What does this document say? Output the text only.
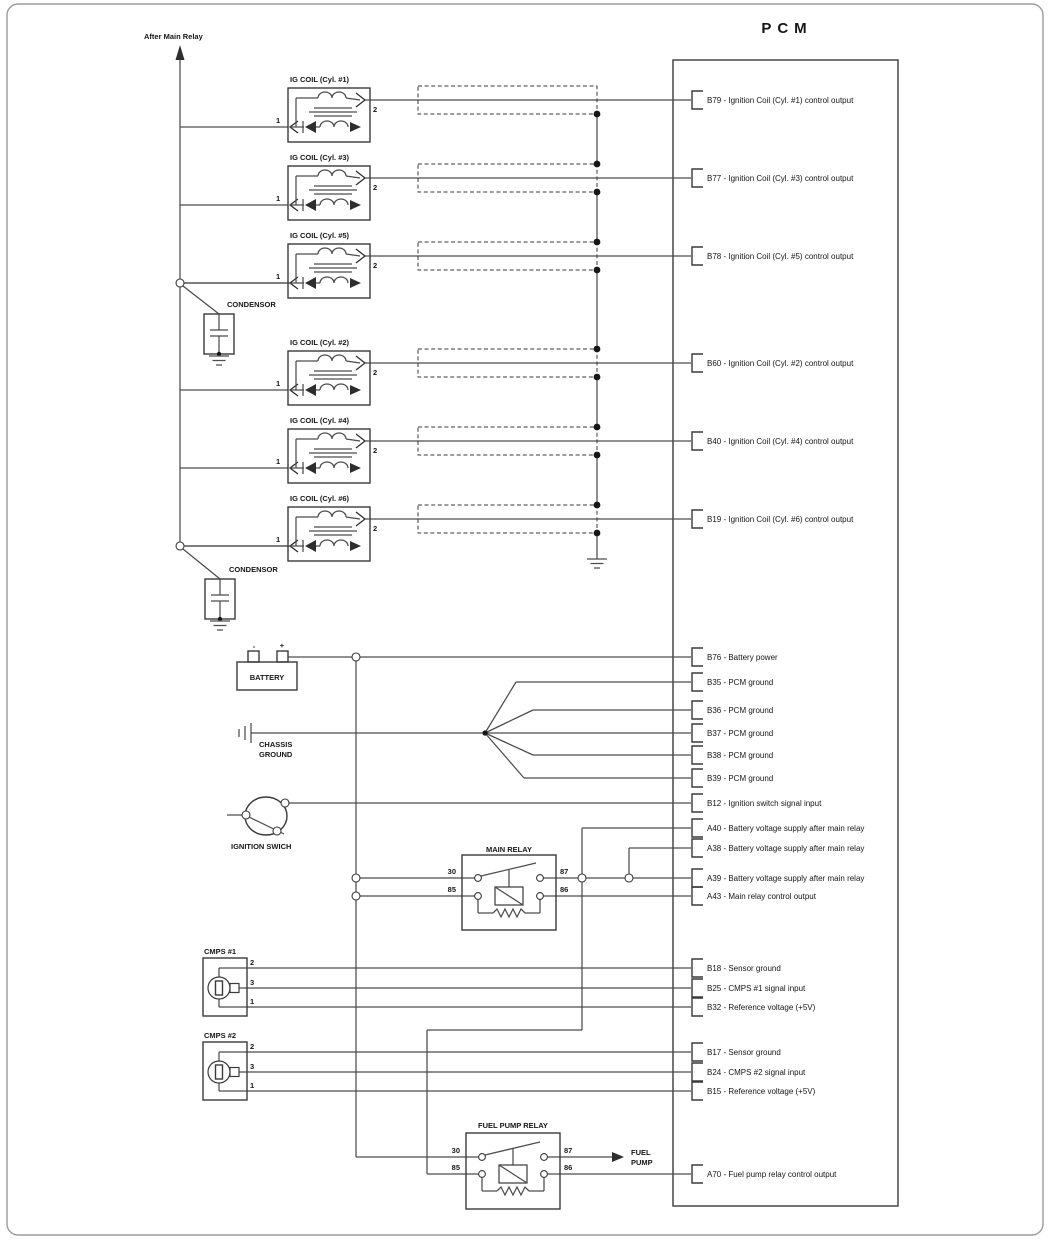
IG COIL (Cyl. #1)
1
2
IG COIL (Cyl. #3)
1
2
IG COIL (Cyl. #5)
1
2
IG COIL (Cyl. #2)
1
2
IG COIL (Cyl. #4)
1
2
IG COIL (Cyl. #6)
1
2
30
85
87
86
30
85
87
86
2
3
1
2
3
1
B79 - Ignition Coil (Cyl. #1) control output
B77 - Ignition Coil (Cyl. #3) control output
B78 - Ignition Coil (Cyl. #5) control output
B60 - Ignition Coil (Cyl. #2) control output
B40 - Ignition Coil (Cyl. #4) control output
B19 - Ignition Coil (Cyl. #6) control output
B76 - Battery power
B35 - PCM ground
B36 - PCM ground
B37 - PCM ground
B38 - PCM ground
B39 - PCM ground
B12 - Ignition switch signal input
A40 - Battery voltage supply after main relay
A38 - Battery voltage supply after main relay
A39 - Battery voltage supply after main relay
A43 - Main relay control output
B18 - Sensor ground
B25 - CMPS #1 signal input
B32 - Reference voltage (+5V)
B17 - Sensor ground
B24 - CMPS #2 signal input
B15 - Reference voltage (+5V)
A70 - Fuel pump relay control output
PCM
After Main Relay
CONDENSOR
CONDENSOR
BATTERY
-	+
CHASSIS
GROUND
IGNITION SWICH	MAIN RELAY
FUEL PUMP RELAY
FUEL
PUMP
CMPS #1
CMPS #2
